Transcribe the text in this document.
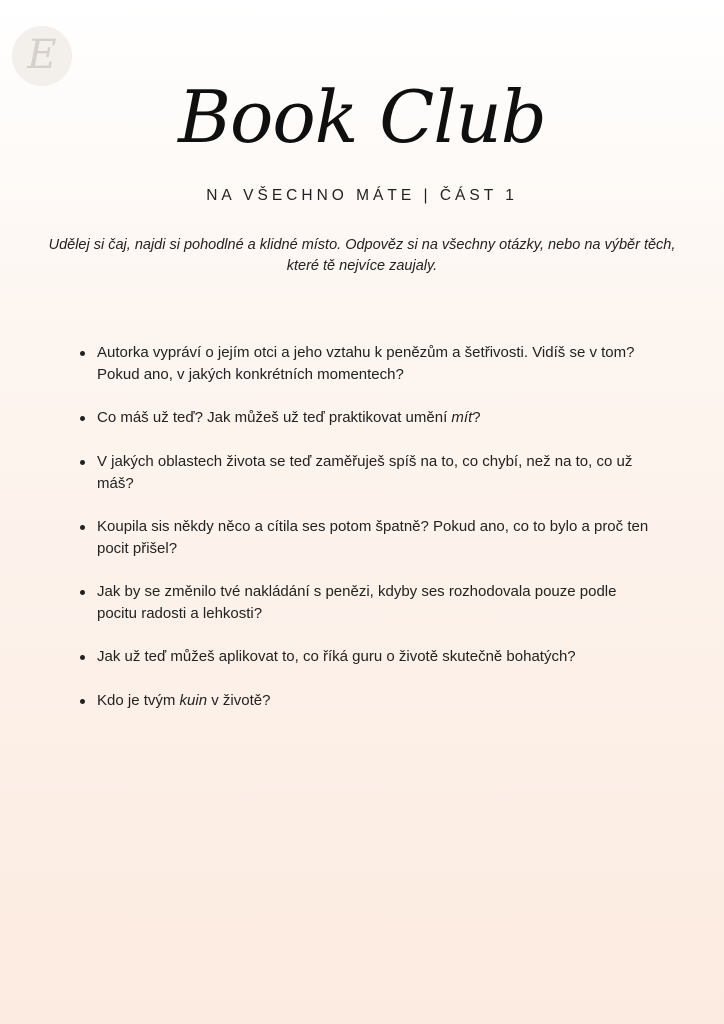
E
Book Club
NA VŠECHNO MÁTE | ČÁST 1
Udělej si čaj, najdi si pohodlné a klidné místo. Odpověz si na všechny otázky, nebo na výběr těch, které tě nejvíce zaujaly.
Autorka vypráví o jejím otci a jeho vztahu k penězům a šetřivosti. Vidíš se v tom? Pokud ano, v jakých konkrétních momentech?
Co máš už teď? Jak můžeš už teď praktikovat umění mít?
V jakých oblastech života se teď zaměřuješ spíš na to, co chybí, než na to, co už máš?
Koupila sis někdy něco a cítila ses potom špatně? Pokud ano, co to bylo a proč ten pocit přišel?
Jak by se změnilo tvé nakládání s penězi, kdyby ses rozhodovala pouze podle pocitu radosti a lehkosti?
Jak už teď můžeš aplikovat to, co říká guru o životě skutečně bohatých?
Kdo je tvým kuin v životě?
